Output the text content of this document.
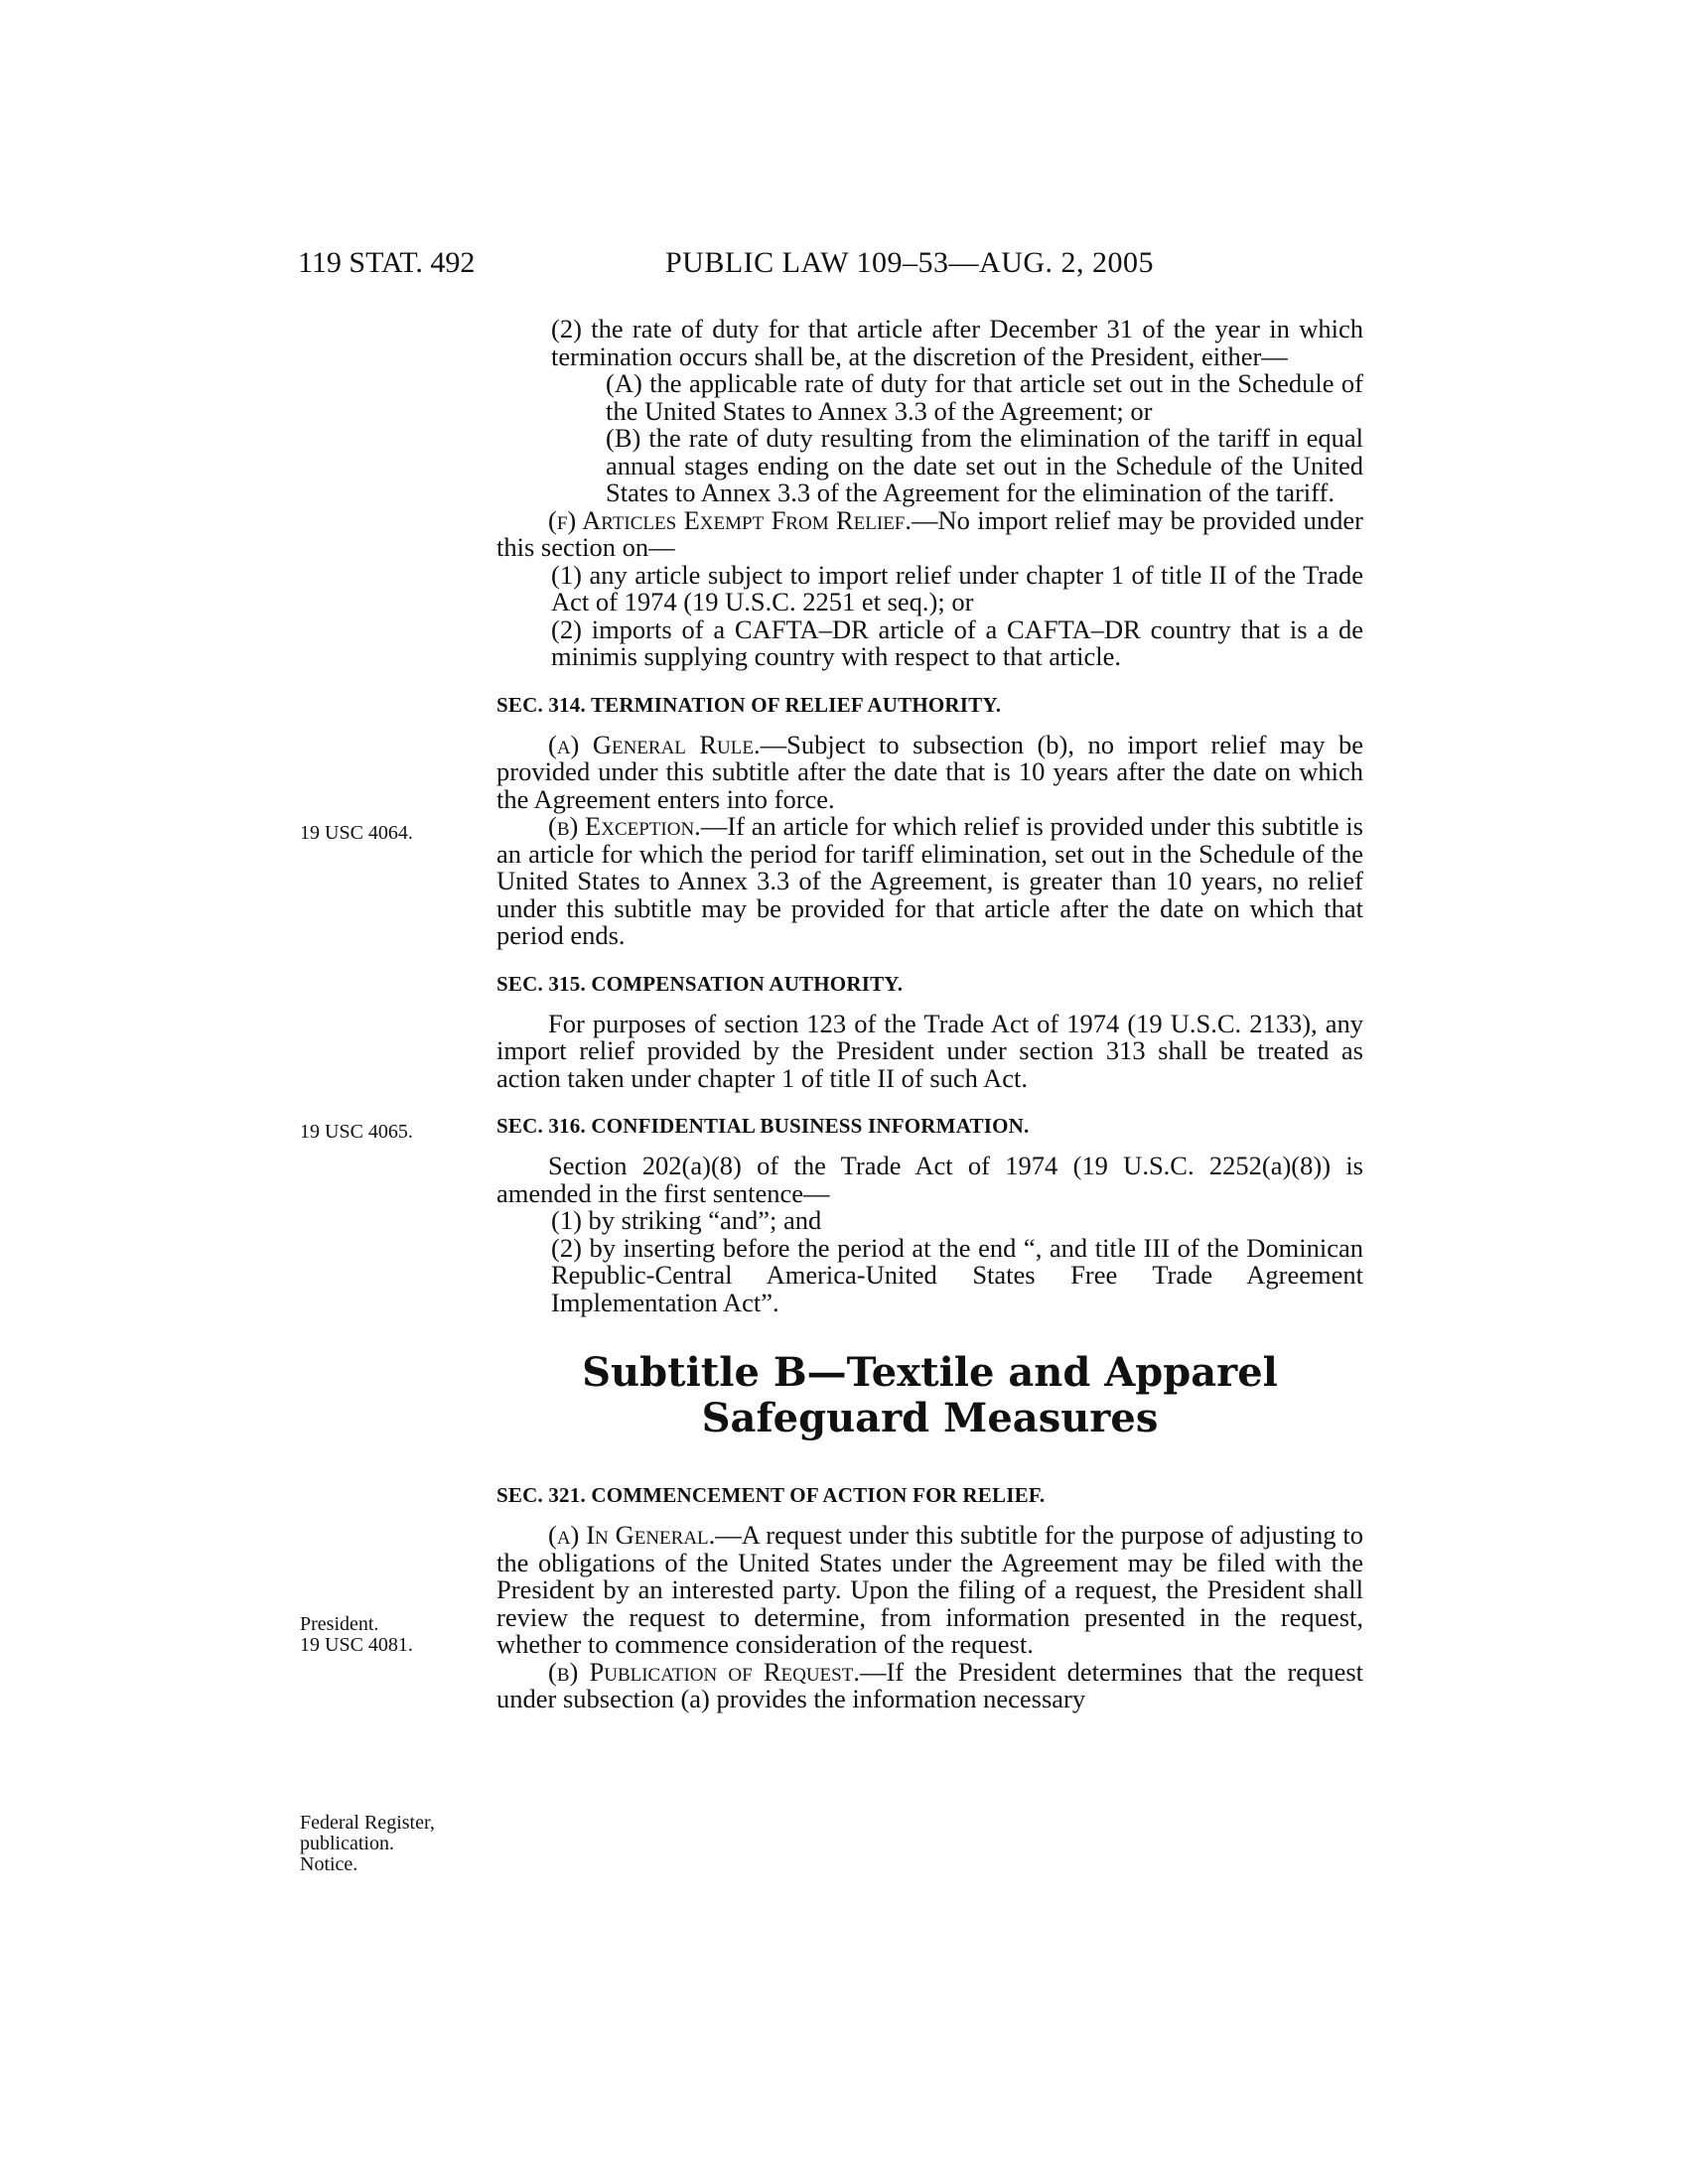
119 STAT. 492	PUBLIC LAW 109–53—AUG. 2, 2005
19 USC 4064.
19 USC 4065.
President.
19 USC 4081.
Federal Register,
publication.
Notice.

(2) the rate of duty for that article after December 31 of the year in which termination occurs shall be, at the discretion of the President, either—

(A) the applicable rate of duty for that article set out in the Schedule of the United States to Annex 3.3 of the Agreement; or

(B) the rate of duty resulting from the elimination of the tariff in equal annual stages ending on the date set out in the Schedule of the United States to Annex 3.3 of the Agreement for the elimination of the tariff.

(f) Articles Exempt From Relief.—No import relief may be provided under this section on—

(1) any article subject to import relief under chapter 1 of title II of the Trade Act of 1974 (19 U.S.C. 2251 et seq.); or

(2) imports of a CAFTA–DR article of a CAFTA–DR country that is a de minimis supplying country with respect to that article.

SEC. 314. TERMINATION OF RELIEF AUTHORITY.

(a) General Rule.—Subject to subsection (b), no import relief may be provided under this subtitle after the date that is 10 years after the date on which the Agreement enters into force.

(b) Exception.—If an article for which relief is provided under this subtitle is an article for which the period for tariff elimination, set out in the Schedule of the United States to Annex 3.3 of the Agreement, is greater than 10 years, no relief under this subtitle may be provided for that article after the date on which that period ends.

SEC. 315. COMPENSATION AUTHORITY.

For purposes of section 123 of the Trade Act of 1974 (19 U.S.C. 2133), any import relief provided by the President under section 313 shall be treated as action taken under chapter 1 of title II of such Act.

SEC. 316. CONFIDENTIAL BUSINESS INFORMATION.

Section 202(a)(8) of the Trade Act of 1974 (19 U.S.C. 2252(a)(8)) is amended in the first sentence—

(1) by striking “and”; and

(2) by inserting before the period at the end “, and title III of the Dominican Republic-Central America-United States Free Trade Agreement Implementation Act”.

Subtitle B—Textile and Apparel Safeguard Measures

SEC. 321. COMMENCEMENT OF ACTION FOR RELIEF.

(a) In General.—A request under this subtitle for the purpose of adjusting to the obligations of the United States under the Agreement may be filed with the President by an interested party. Upon the filing of a request, the President shall review the request to determine, from information presented in the request, whether to commence consideration of the request.

(b) Publication of Request.—If the President determines that the request under subsection (a) provides the information necessary
